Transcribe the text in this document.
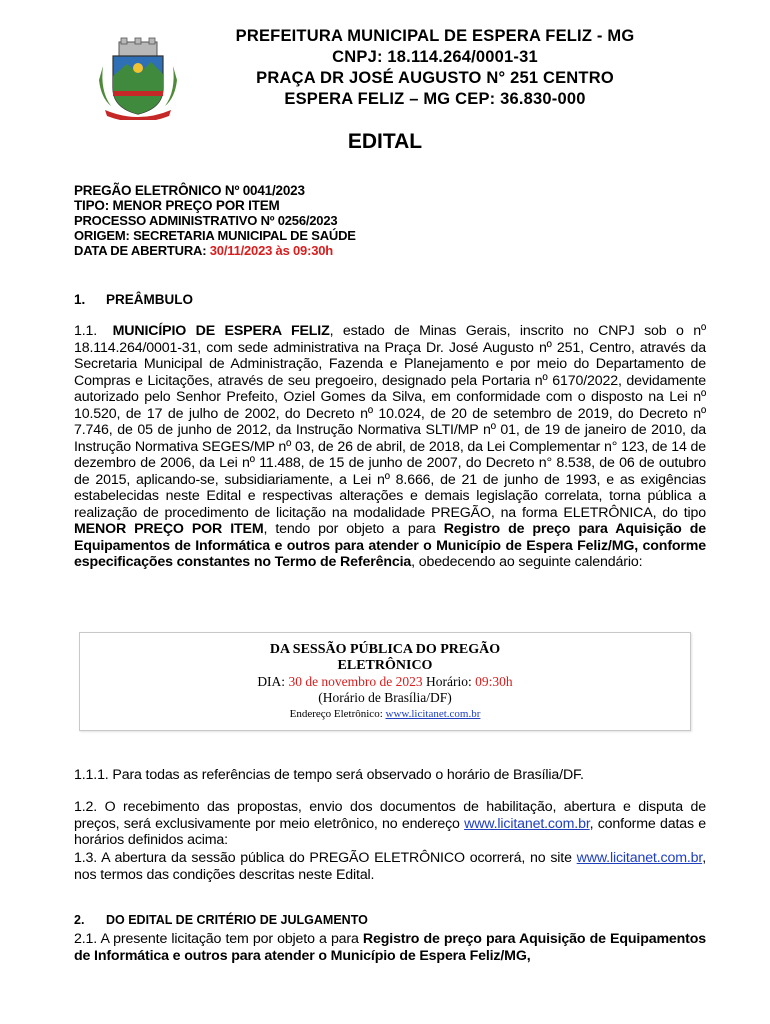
PREFEITURA MUNICIPAL DE ESPERA FELIZ - MG
CNPJ: 18.114.264/0001-31
PRAÇA DR JOSÉ AUGUSTO N° 251 CENTRO
ESPERA FELIZ – MG CEP: 36.830-000
EDITAL
PREGÃO ELETRÔNICO Nº 0041/2023
TIPO: MENOR PREÇO POR ITEM
PROCESSO ADMINISTRATIVO Nº 0256/2023
ORIGEM: SECRETARIA MUNICIPAL DE SAÚDE
DATA DE ABERTURA: 30/11/2023 às 09:30h
1. PREÂMBULO
1.1. MUNICÍPIO DE ESPERA FELIZ, estado de Minas Gerais, inscrito no CNPJ sob o nº 18.114.264/0001-31, com sede administrativa na Praça Dr. José Augusto nº 251, Centro, através da Secretaria Municipal de Administração, Fazenda e Planejamento e por meio do Departamento de Compras e Licitações, através de seu pregoeiro, designado pela Portaria nº 6170/2022, devidamente autorizado pelo Senhor Prefeito, Oziel Gomes da Silva, em conformidade com o disposto na Lei nº 10.520, de 17 de julho de 2002, do Decreto nº 10.024, de 20 de setembro de 2019, do Decreto nº 7.746, de 05 de junho de 2012, da Instrução Normativa SLTI/MP nº 01, de 19 de janeiro de 2010, da Instrução Normativa SEGES/MP nº 03, de 26 de abril, de 2018, da Lei Complementar n° 123, de 14 de dezembro de 2006, da Lei nº 11.488, de 15 de junho de 2007, do Decreto n° 8.538, de 06 de outubro de 2015, aplicando-se, subsidiariamente, a Lei nº 8.666, de 21 de junho de 1993, e as exigências estabelecidas neste Edital e respectivas alterações e demais legislação correlata, torna pública a realização de procedimento de licitação na modalidade PREGÃO, na forma ELETRÔNICA, do tipo MENOR PREÇO POR ITEM, tendo por objeto a para Registro de preço para Aquisição de Equipamentos de Informática e outros para atender o Município de Espera Feliz/MG, conforme especificações constantes no Termo de Referência, obedecendo ao seguinte calendário:
DA SESSÃO PÚBLICA DO PREGÃO
ELETRÔNICO
DIA: 30 de novembro de 2023 Horário: 09:30h
(Horário de Brasília/DF)
Endereço Eletrônico: www.licitanet.com.br
1.1.1. Para todas as referências de tempo será observado o horário de Brasília/DF.
1.2. O recebimento das propostas, envio dos documentos de habilitação, abertura e disputa de preços, será exclusivamente por meio eletrônico, no endereço www.licitanet.com.br, conforme datas e horários definidos acima:
1.3. A abertura da sessão pública do PREGÃO ELETRÔNICO ocorrerá, no site www.licitanet.com.br, nos termos das condições descritas neste Edital.
2. DO EDITAL DE CRITÉRIO DE JULGAMENTO
2.1. A presente licitação tem por objeto a para Registro de preço para Aquisição de Equipamentos de Informática e outros para atender o Município de Espera Feliz/MG,
